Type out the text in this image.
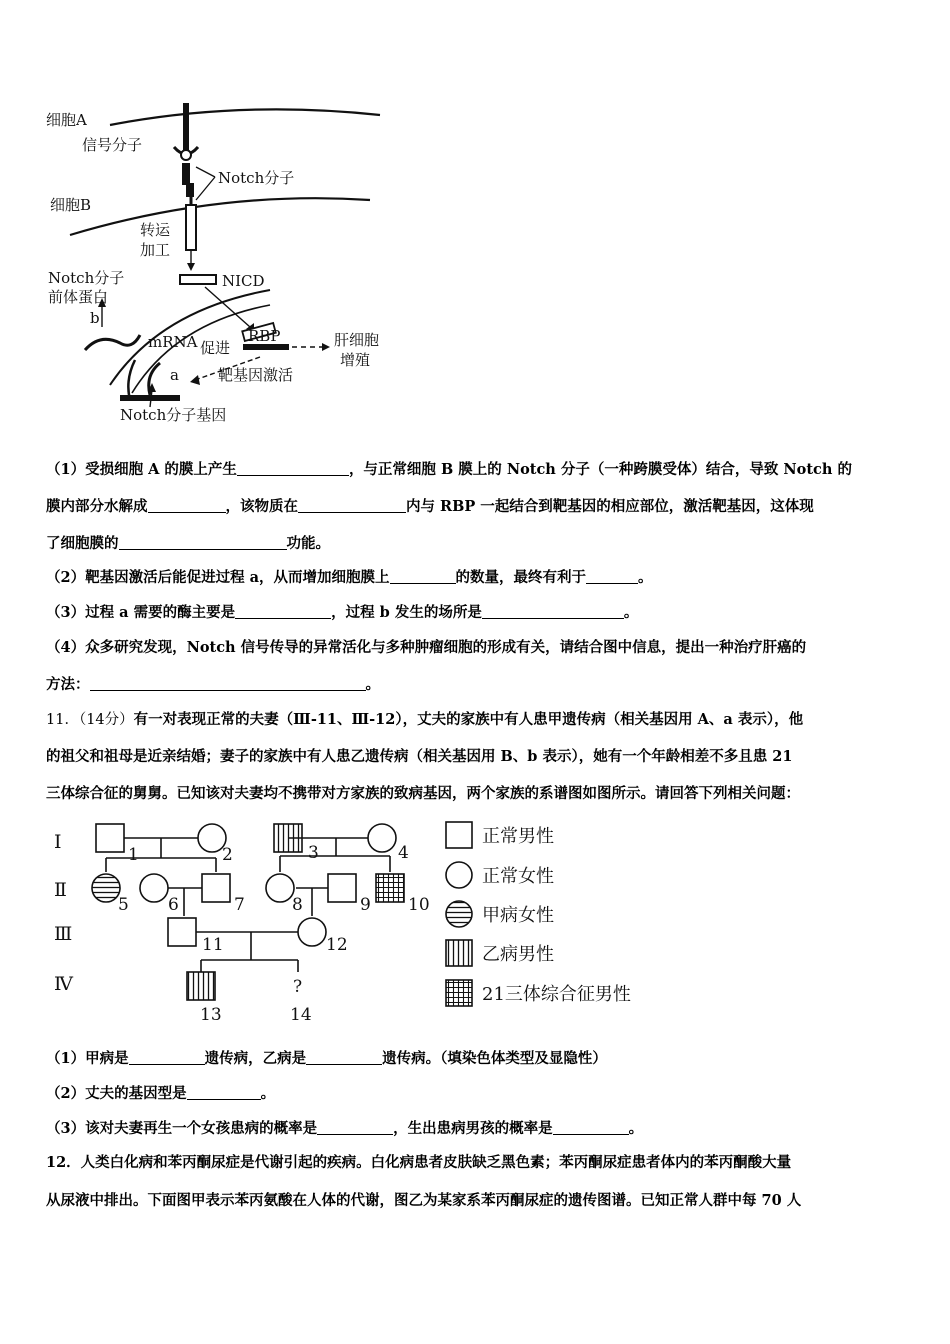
细胞A
信号分子
Notch分子
细胞B
转运
加工
NICD
Notch分子
前体蛋白
b
mRNA 促进
RBP	肝细胞
增殖
a	靶基因激活
Notch分子基因
（1）受损细胞 A 的膜上产生	，与正常细胞 B 膜上的 Notch 分子（一种跨膜受体）结合，导致 Notch 的
膜内部分水解成	，该物质在	内与 RBP 一起结合到靶基因的相应部位，激活靶基因，这体现
了细胞膜的	功能。
（2）靶基因激活后能促进过程 a，从而增加细胞膜上	的数量，最终有利于	。
（3）过程 a 需要的酶主要是	，过程 b 发生的场所是	。
（4）众多研究发现，Notch 信号传导的异常活化与多种肿瘤细胞的形成有关，请结合图中信息，提出一种治疗肝癌的
方法：	。
11．（14分）有一对表现正常的夫妻（Ⅲ-11、Ⅲ-12），丈夫的家族中有人患甲遗传病（相关基因用 A、a 表示），他
的祖父和祖母是近亲结婚；妻子的家族中有人患乙遗传病（相关基因用 B、b 表示），她有一个年龄相差不多且患 21
三体综合征的舅舅。已知该对夫妻均不携带对方家族的致病基因，两个家族的系谱图如图所示。请回答下列相关问题：
Ⅰ
Ⅱ
Ⅲ
Ⅳ
1	2	3	4
5 6	7	8	9 10
11	12
13	14
?
正常男性
正常女性
甲病女性
乙病男性
21三体综合征男性
（1）甲病是	遗传病，乙病是	遗传病。（填染色体类型及显隐性）
（2）丈夫的基因型是	。
（3）该对夫妻再生一个女孩患病的概率是	，生出患病男孩的概率是	。
12．人类白化病和苯丙酮尿症是代谢引起的疾病。白化病患者皮肤缺乏黑色素；苯丙酮尿症患者体内的苯丙酮酸大量
从尿液中排出。下面图甲表示苯丙氨酸在人体的代谢，图乙为某家系苯丙酮尿症的遗传图谱。已知正常人群中每 70 人
